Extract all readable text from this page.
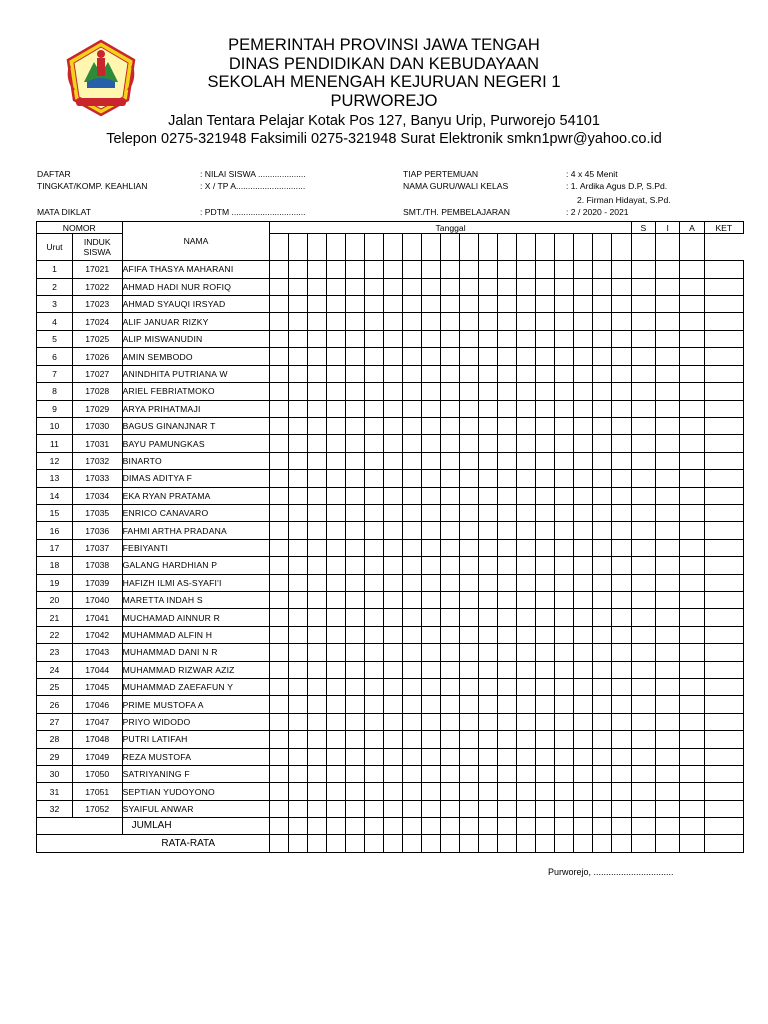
PEMERINTAH PROVINSI JAWA TENGAH
DINAS PENDIDIKAN DAN KEBUDAYAAN
SEKOLAH MENENGAH KEJURUAN NEGERI 1
PURWOREJO
Jalan Tentara Pelajar Kotak Pos 127, Banyu Urip, Purworejo 54101
Telepon 0275-321948 Faksimili 0275-321948 Surat Elektronik smkn1pwr@yahoo.co.id
DAFTAR	: NILAI SISWA ....................
TINGKAT/KOMP. KEAHLIAN	: X / TP A.............................
MATA DIKLAT	: PDTM ...............................
TIAP PERTEMUAN	: 4 x 45 Menit
NAMA GURU/WALI KELAS	: 1. Ardika Agus D.P, S.Pd.
2. Firman Hidayat, S.Pd.
SMT./TH. PEMBELAJARAN	: 2 / 2020 - 2021
NOMOR		NAMA	Tanggal																			S	I	A	KET
Urut	INDUK
SISWA																								
1	17021	AFIFA THASYA MAHARANI																							
2	17022	AHMAD HADI NUR ROFIQ																							
3	17023	AHMAD SYAUQI IRSYAD																							
4	17024	ALIF JANUAR RIZKY																							
5	17025	ALIP MISWANUDIN																							
6	17026	AMIN SEMBODO																							
7	17027	ANINDHITA PUTRIANA W																							
8	17028	ARIEL FEBRIATMOKO																							
9	17029	ARYA PRIHATMAJI																							
10	17030	BAGUS GINANJNAR T																							
11	17031	BAYU PAMUNGKAS																							
12	17032	BINARTO																							
13	17033	DIMAS ADITYA F																							
14	17034	EKA RYAN PRATAMA																							
15	17035	ENRICO CANAVARO																							
16	17036	FAHMI ARTHA PRADANA																							
17	17037	FEBIYANTI																							
18	17038	GALANG HARDHIAN P																							
19	17039	HAFIZH ILMI AS-SYAFI'I																							
20	17040	MARETTA INDAH S																							
21	17041	MUCHAMAD AINNUR R																							
22	17042	MUHAMMAD ALFIN H																							
23	17043	MUHAMMAD DANI N R																							
24	17044	MUHAMMAD RIZWAR AZIZ																							
25	17045	MUHAMMAD ZAEFAFUN Y																							
26	17046	PRIME MUSTOFA A																							
27	17047	PRIYO WIDODO																							
28	17048	PUTRI LATIFAH																							
29	17049	REZA MUSTOFA																							
30	17050	SATRIYANING F																							
31	17051	SEPTIAN YUDOYONO																							
32	17052	SYAIFUL ANWAR																							
		JUMLAH																							
RATA-RATA																									
Purworejo, ................................
